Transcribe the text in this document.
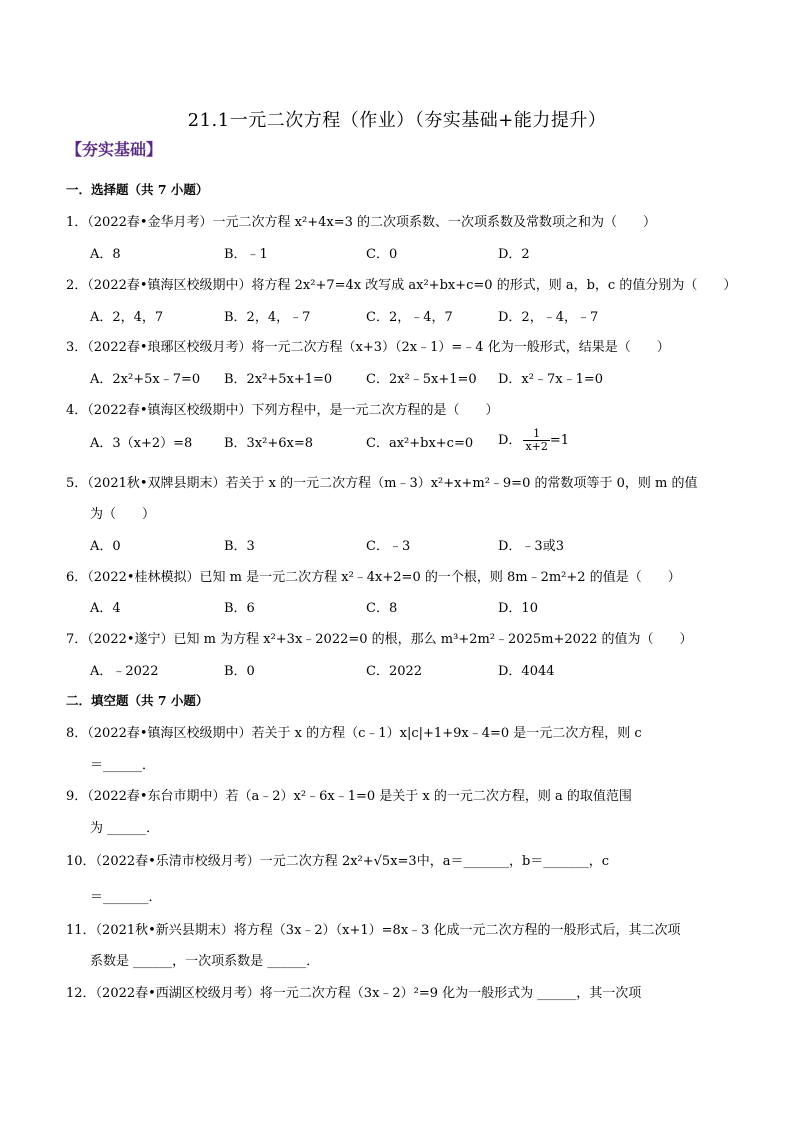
21.1一元二次方程（作业）（夯实基础+能力提升）
【夯实基础】
一．选择题（共 7 小题）
1．（2022春•金华月考）一元二次方程 x²+4x=3 的二次项系数、一次项系数及常数项之和为（　　）
A．8	B．﹣1	C．0	D．2
2．（2022春•镇海区校级期中）将方程 2x²+7=4x 改写成 ax²+bx+c=0 的形式，则 a，b，c 的值分别为（　　）
A．2，4，7	B．2，4，﹣7	C．2，﹣4，7	D．2，﹣4，﹣7
3．（2022春•琅琊区校级月考）将一元二次方程（x+3）（2x﹣1）=﹣4 化为一般形式，结果是（　　）
A．2x²+5x﹣7=0 B．2x²+5x+1=0	C．2x²﹣5x+1=0 D．x²﹣7x﹣1=0
4．（2022春•镇海区校级期中）下列方程中，是一元二次方程的是（　　）
A．3（x+2）=8 B．3x²+6x=8	C．ax²+bx+c=0 D． $\frac{1}{x+2} =1$
5．（2021秋•双牌县期末）若关于 x 的一元二次方程（m﹣3）x²+x+m²﹣9=0 的常数项等于 0，则 m 的值
为（　　）
A．0	B．3	C．﹣3	D．﹣3或3
6．（2022•桂林模拟）已知 m 是一元二次方程 x²﹣4x+2=0 的一个根，则 8m﹣2m²+2 的值是（　　）
A．4	B．6	C．8	D．10
7．（2022•遂宁）已知 m 为方程 x²+3x﹣2022=0 的根，那么 m³+2m²﹣2025m+2022 的值为（　　）
A．﹣2022	B．0	C．2022	D．4044
二．填空题（共 7 小题）
8．（2022春•镇海区校级期中）若关于 x 的方程（c﹣1）x|c|+1+9x﹣4=0 是一元二次方程，则 c
＝______．
9．（2022春•东台市期中）若（a﹣2）x²﹣6x﹣1=0 是关于 x 的一元二次方程，则 a 的取值范围
为 ______．
10．（2022春•乐清市校级月考）一元二次方程 2x²+√5x=3中，a＝_______，b＝_______，c
＝_______．
11．（2021秋•新兴县期末）将方程（3x﹣2）（x+1）=8x﹣3 化成一元二次方程的一般形式后，其二次项
系数是 ______，一次项系数是 ______．
12．（2022春•西湖区校级月考）将一元二次方程（3x﹣2）²=9 化为一般形式为 ______，其一次项
